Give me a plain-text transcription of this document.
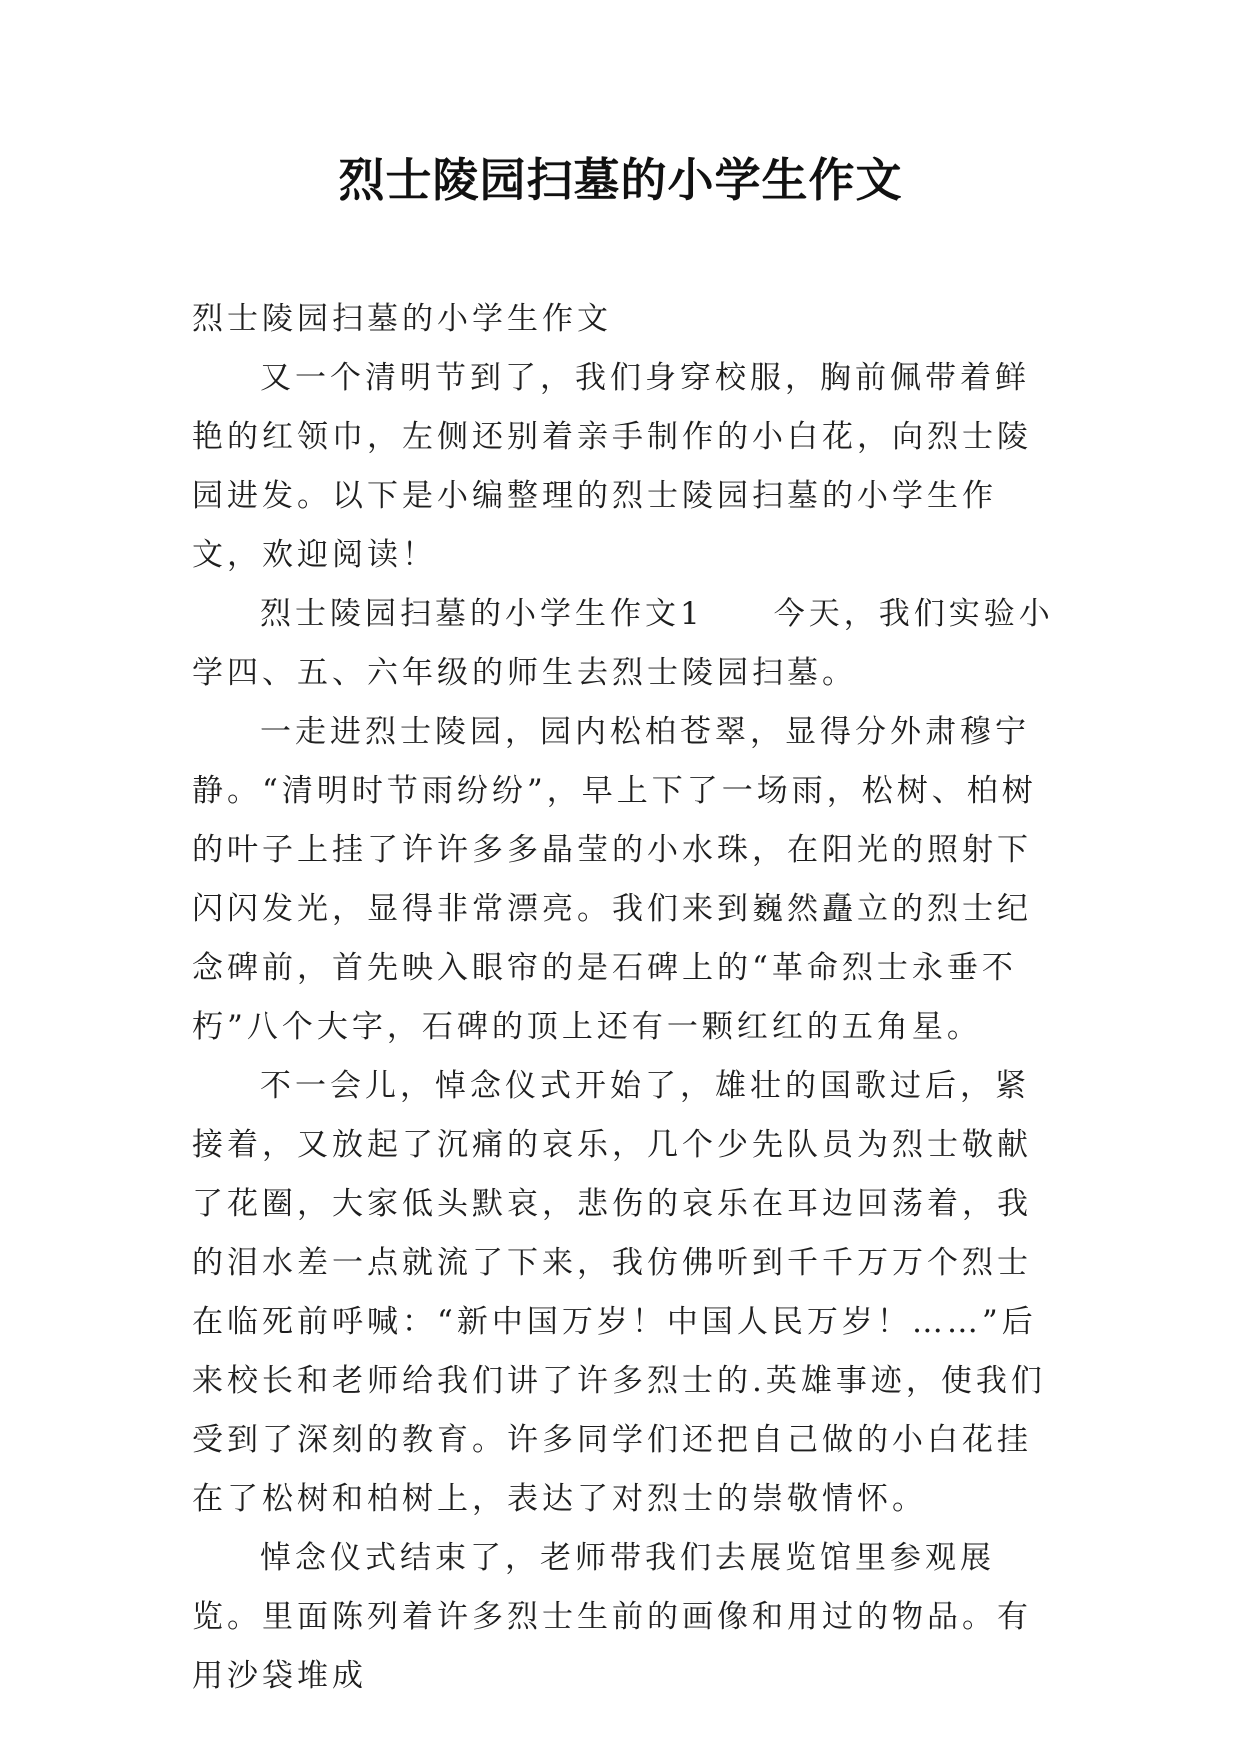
烈士陵园扫墓的小学生作文

烈士陵园扫墓的小学生作文

又一个清明节到了，我们身穿校服，胸前佩带着鲜艳的红领巾，左侧还别着亲手制作的小白花，向烈士陵园进发。以下是小编整理的烈士陵园扫墓的小学生作文，欢迎阅读！

烈士陵园扫墓的小学生作文1　　今天，我们实验小学四、五、六年级的师生去烈士陵园扫墓。

一走进烈士陵园，园内松柏苍翠，显得分外肃穆宁静。“清明时节雨纷纷”，早上下了一场雨，松树、柏树的叶子上挂了许许多多晶莹的小水珠，在阳光的照射下闪闪发光，显得非常漂亮。我们来到巍然矗立的烈士纪念碑前，首先映入眼帘的是石碑上的“革命烈士永垂不朽”八个大字，石碑的顶上还有一颗红红的五角星。

不一会儿，悼念仪式开始了，雄壮的国歌过后，紧接着，又放起了沉痛的哀乐，几个少先队员为烈士敬献了花圈，大家低头默哀，悲伤的哀乐在耳边回荡着，我的泪水差一点就流了下来，我仿佛听到千千万万个烈士在临死前呼喊：“新中国万岁！中国人民万岁！……”后来校长和老师给我们讲了许多烈士的.英雄事迹，使我们受到了深刻的教育。许多同学们还把自己做的小白花挂在了松树和柏树上，表达了对烈士的崇敬情怀。

悼念仪式结束了，老师带我们去展览馆里参观展览。里面陈列着许多烈士生前的画像和用过的物品。有用沙袋堆成
